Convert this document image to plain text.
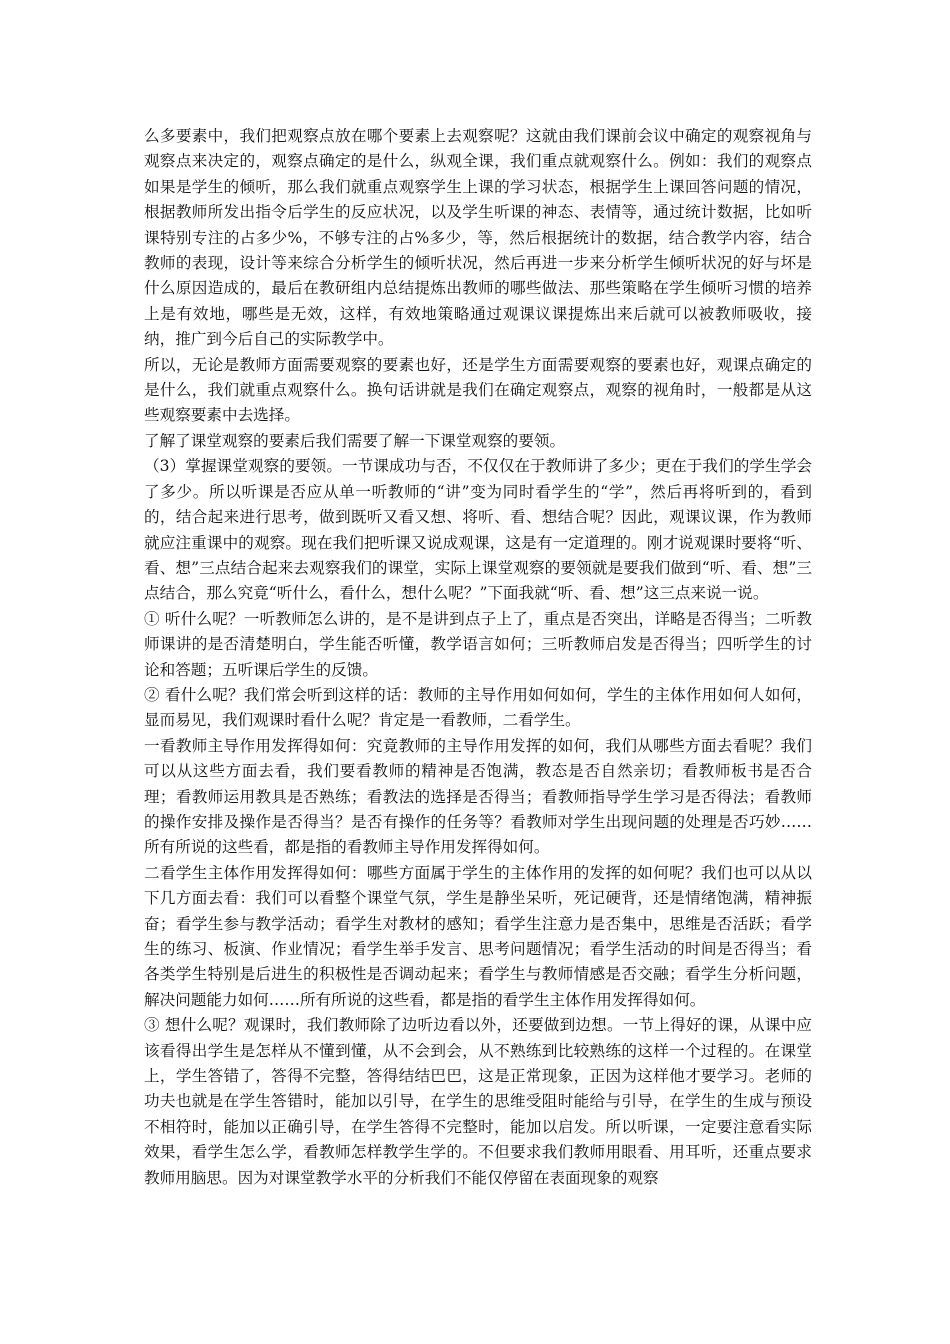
么多要素中，我们把观察点放在哪个要素上去观察呢？这就由我们课前会议中确定的观察视角与观察点来决定的，观察点确定的是什么，纵观全课，我们重点就观察什么。例如：我们的观察点如果是学生的倾听，那么我们就重点观察学生上课的学习状态，根据学生上课回答问题的情况，根据教师所发出指令后学生的反应状况，以及学生听课的神态、表情等，通过统计数据，比如听课特别专注的占多少%，不够专注的占%多少，等，然后根据统计的数据，结合教学内容，结合教师的表现，设计等来综合分析学生的倾听状况，然后再进一步来分析学生倾听状况的好与坏是什么原因造成的，最后在教研组内总结提炼出教师的哪些做法、那些策略在学生倾听习惯的培养上是有效地，哪些是无效，这样，有效地策略通过观课议课提炼出来后就可以被教师吸收，接纳，推广到今后自己的实际教学中。

所以，无论是教师方面需要观察的要素也好，还是学生方面需要观察的要素也好，观课点确定的是什么，我们就重点观察什么。换句话讲就是我们在确定观察点，观察的视角时，一般都是从这些观察要素中去选择。

了解了课堂观察的要素后我们需要了解一下课堂观察的要领。

（3）掌握课堂观察的要领。一节课成功与否，不仅仅在于教师讲了多少；更在于我们的学生学会了多少。所以听课是否应从单一听教师的“讲”变为同时看学生的“学”，然后再将听到的，看到的，结合起来进行思考，做到既听又看又想、将听、看、想结合呢？因此，观课议课，作为教师就应注重课中的观察。现在我们把听课又说成观课，这是有一定道理的。刚才说观课时要将“听、看、想”三点结合起来去观察我们的课堂，实际上课堂观察的要领就是要我们做到“听、看、想”三点结合，那么究竟“听什么，看什么，想什么呢？”下面我就“听、看、想”这三点来说一说。

① 听什么呢？一听教师怎么讲的，是不是讲到点子上了，重点是否突出，详略是否得当；二听教师课讲的是否清楚明白，学生能否听懂，教学语言如何；三听教师启发是否得当；四听学生的讨论和答题；五听课后学生的反馈。

② 看什么呢？我们常会听到这样的话：教师的主导作用如何如何，学生的主体作用如何人如何，显而易见，我们观课时看什么呢？肯定是一看教师，二看学生。

一看教师主导作用发挥得如何：究竟教师的主导作用发挥的如何，我们从哪些方面去看呢？我们可以从这些方面去看，我们要看教师的精神是否饱满，教态是否自然亲切；看教师板书是否合理；看教师运用教具是否熟练；看教法的选择是否得当；看教师指导学生学习是否得法；看教师的操作安排及操作是否得当？是否有操作的任务等？看教师对学生出现问题的处理是否巧妙……所有所说的这些看，都是指的看教师主导作用发挥得如何。

二看学生主体作用发挥得如何：哪些方面属于学生的主体作用的发挥的如何呢？我们也可以从以下几方面去看：我们可以看整个课堂气氛，学生是静坐呆听，死记硬背，还是情绪饱满，精神振奋；看学生参与教学活动；看学生对教材的感知；看学生注意力是否集中，思维是否活跃；看学生的练习、板演、作业情况；看学生举手发言、思考问题情况；看学生活动的时间是否得当；看各类学生特别是后进生的积极性是否调动起来；看学生与教师情感是否交融；看学生分析问题，解决问题能力如何……所有所说的这些看，都是指的看学生主体作用发挥得如何。

③ 想什么呢？观课时，我们教师除了边听边看以外，还要做到边想。一节上得好的课，从课中应该看得出学生是怎样从不懂到懂，从不会到会，从不熟练到比较熟练的这样一个过程的。在课堂上，学生答错了，答得不完整，答得结结巴巴，这是正常现象，正因为这样他才要学习。老师的功夫也就是在学生答错时，能加以引导，在学生的思维受阻时能给与引导，在学生的生成与预设不相符时，能加以正确引导，在学生答得不完整时，能加以启发。所以听课，一定要注意看实际效果，看学生怎么学，看教师怎样教学生学的。不但要求我们教师用眼看、用耳听，还重点要求教师用脑思。因为对课堂教学水平的分析我们不能仅停留在表面现象的观察
